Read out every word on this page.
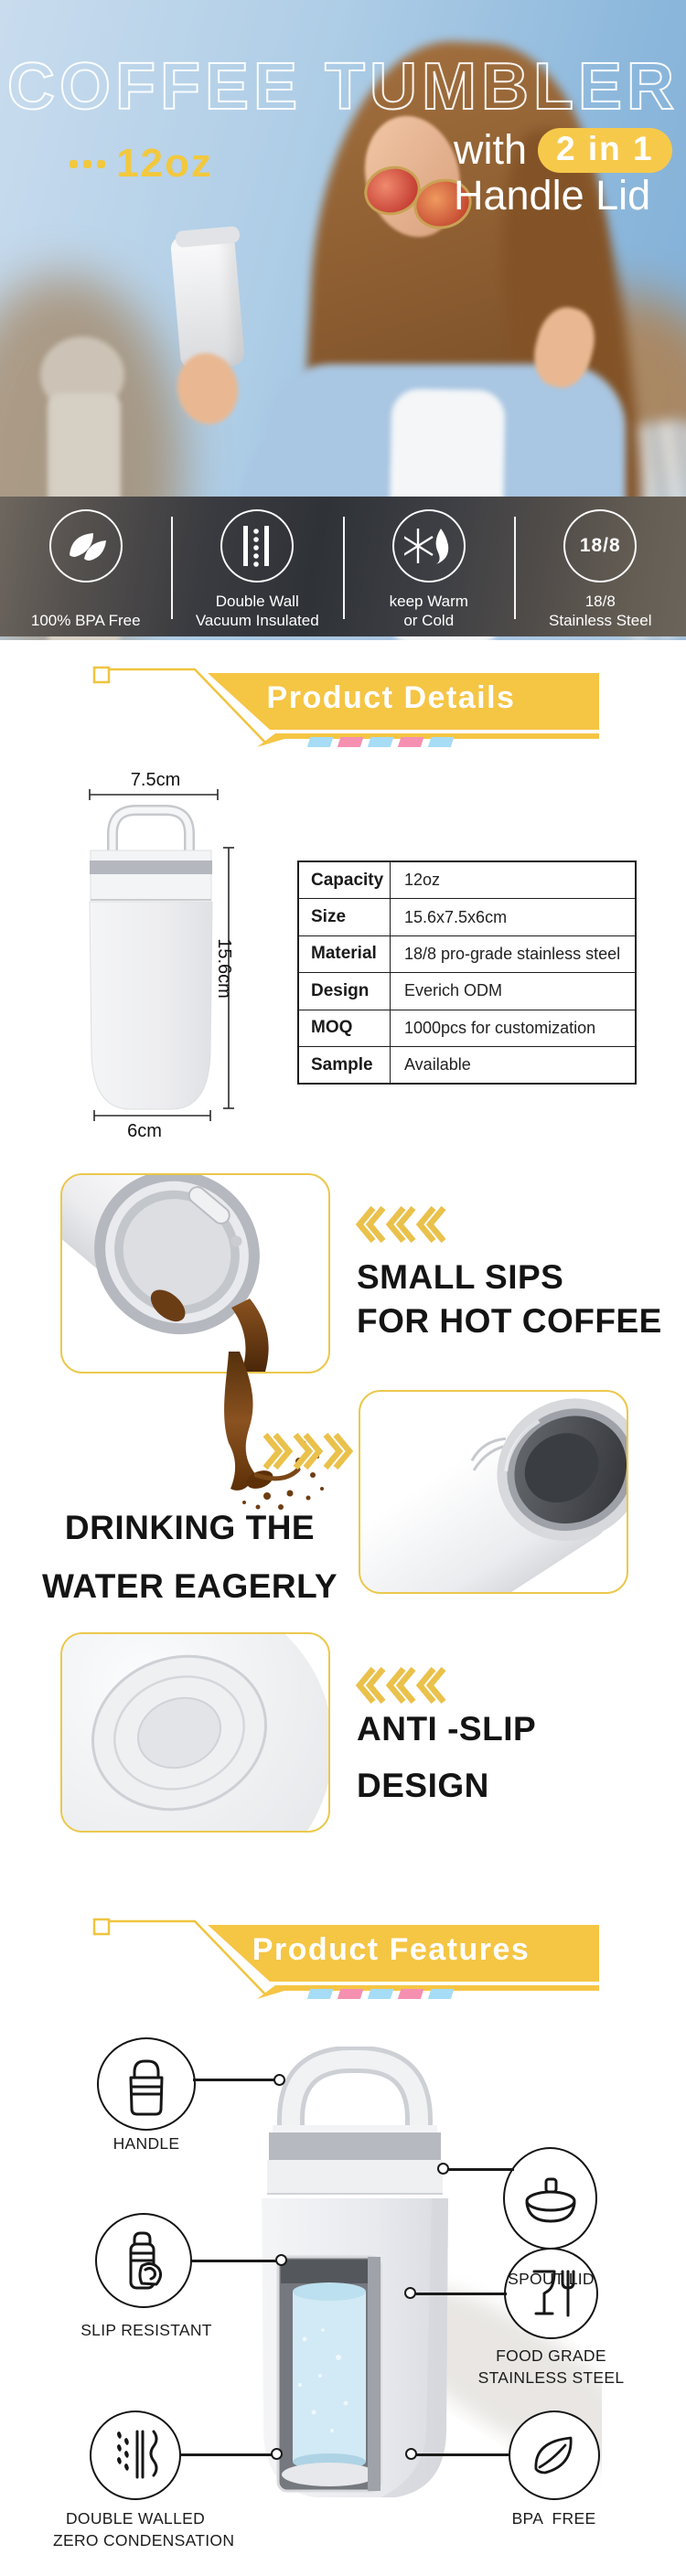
COFFEE TUMBLER
12oz	with 2 in 1
Handle Lid
100% BPA Free
Double Wall
Vacuum Insulated
keep Warm
or Cold
18/8
18/8
Stainless Steel
Product Details
7.5cm
15.6cm
6cm
Capacity	12oz
Size	15.6x7.5x6cm
Material	18/8 pro-grade stainless steel
Design	Everich ODM
MOQ	1000pcs for customization
Sample	Available
SMALL SIPS
FOR HOT COFFEE
DRINKING THE
WATER EAGERLY
ANTI -SLIP
DESIGN
Product Features
HANDLE
SPOUT LID
SLIP RESISTANT
FOOD GRADE
STAINLESS STEEL
DOUBLE WALLED
ZERO CONDENSATION
BPA  FREE
